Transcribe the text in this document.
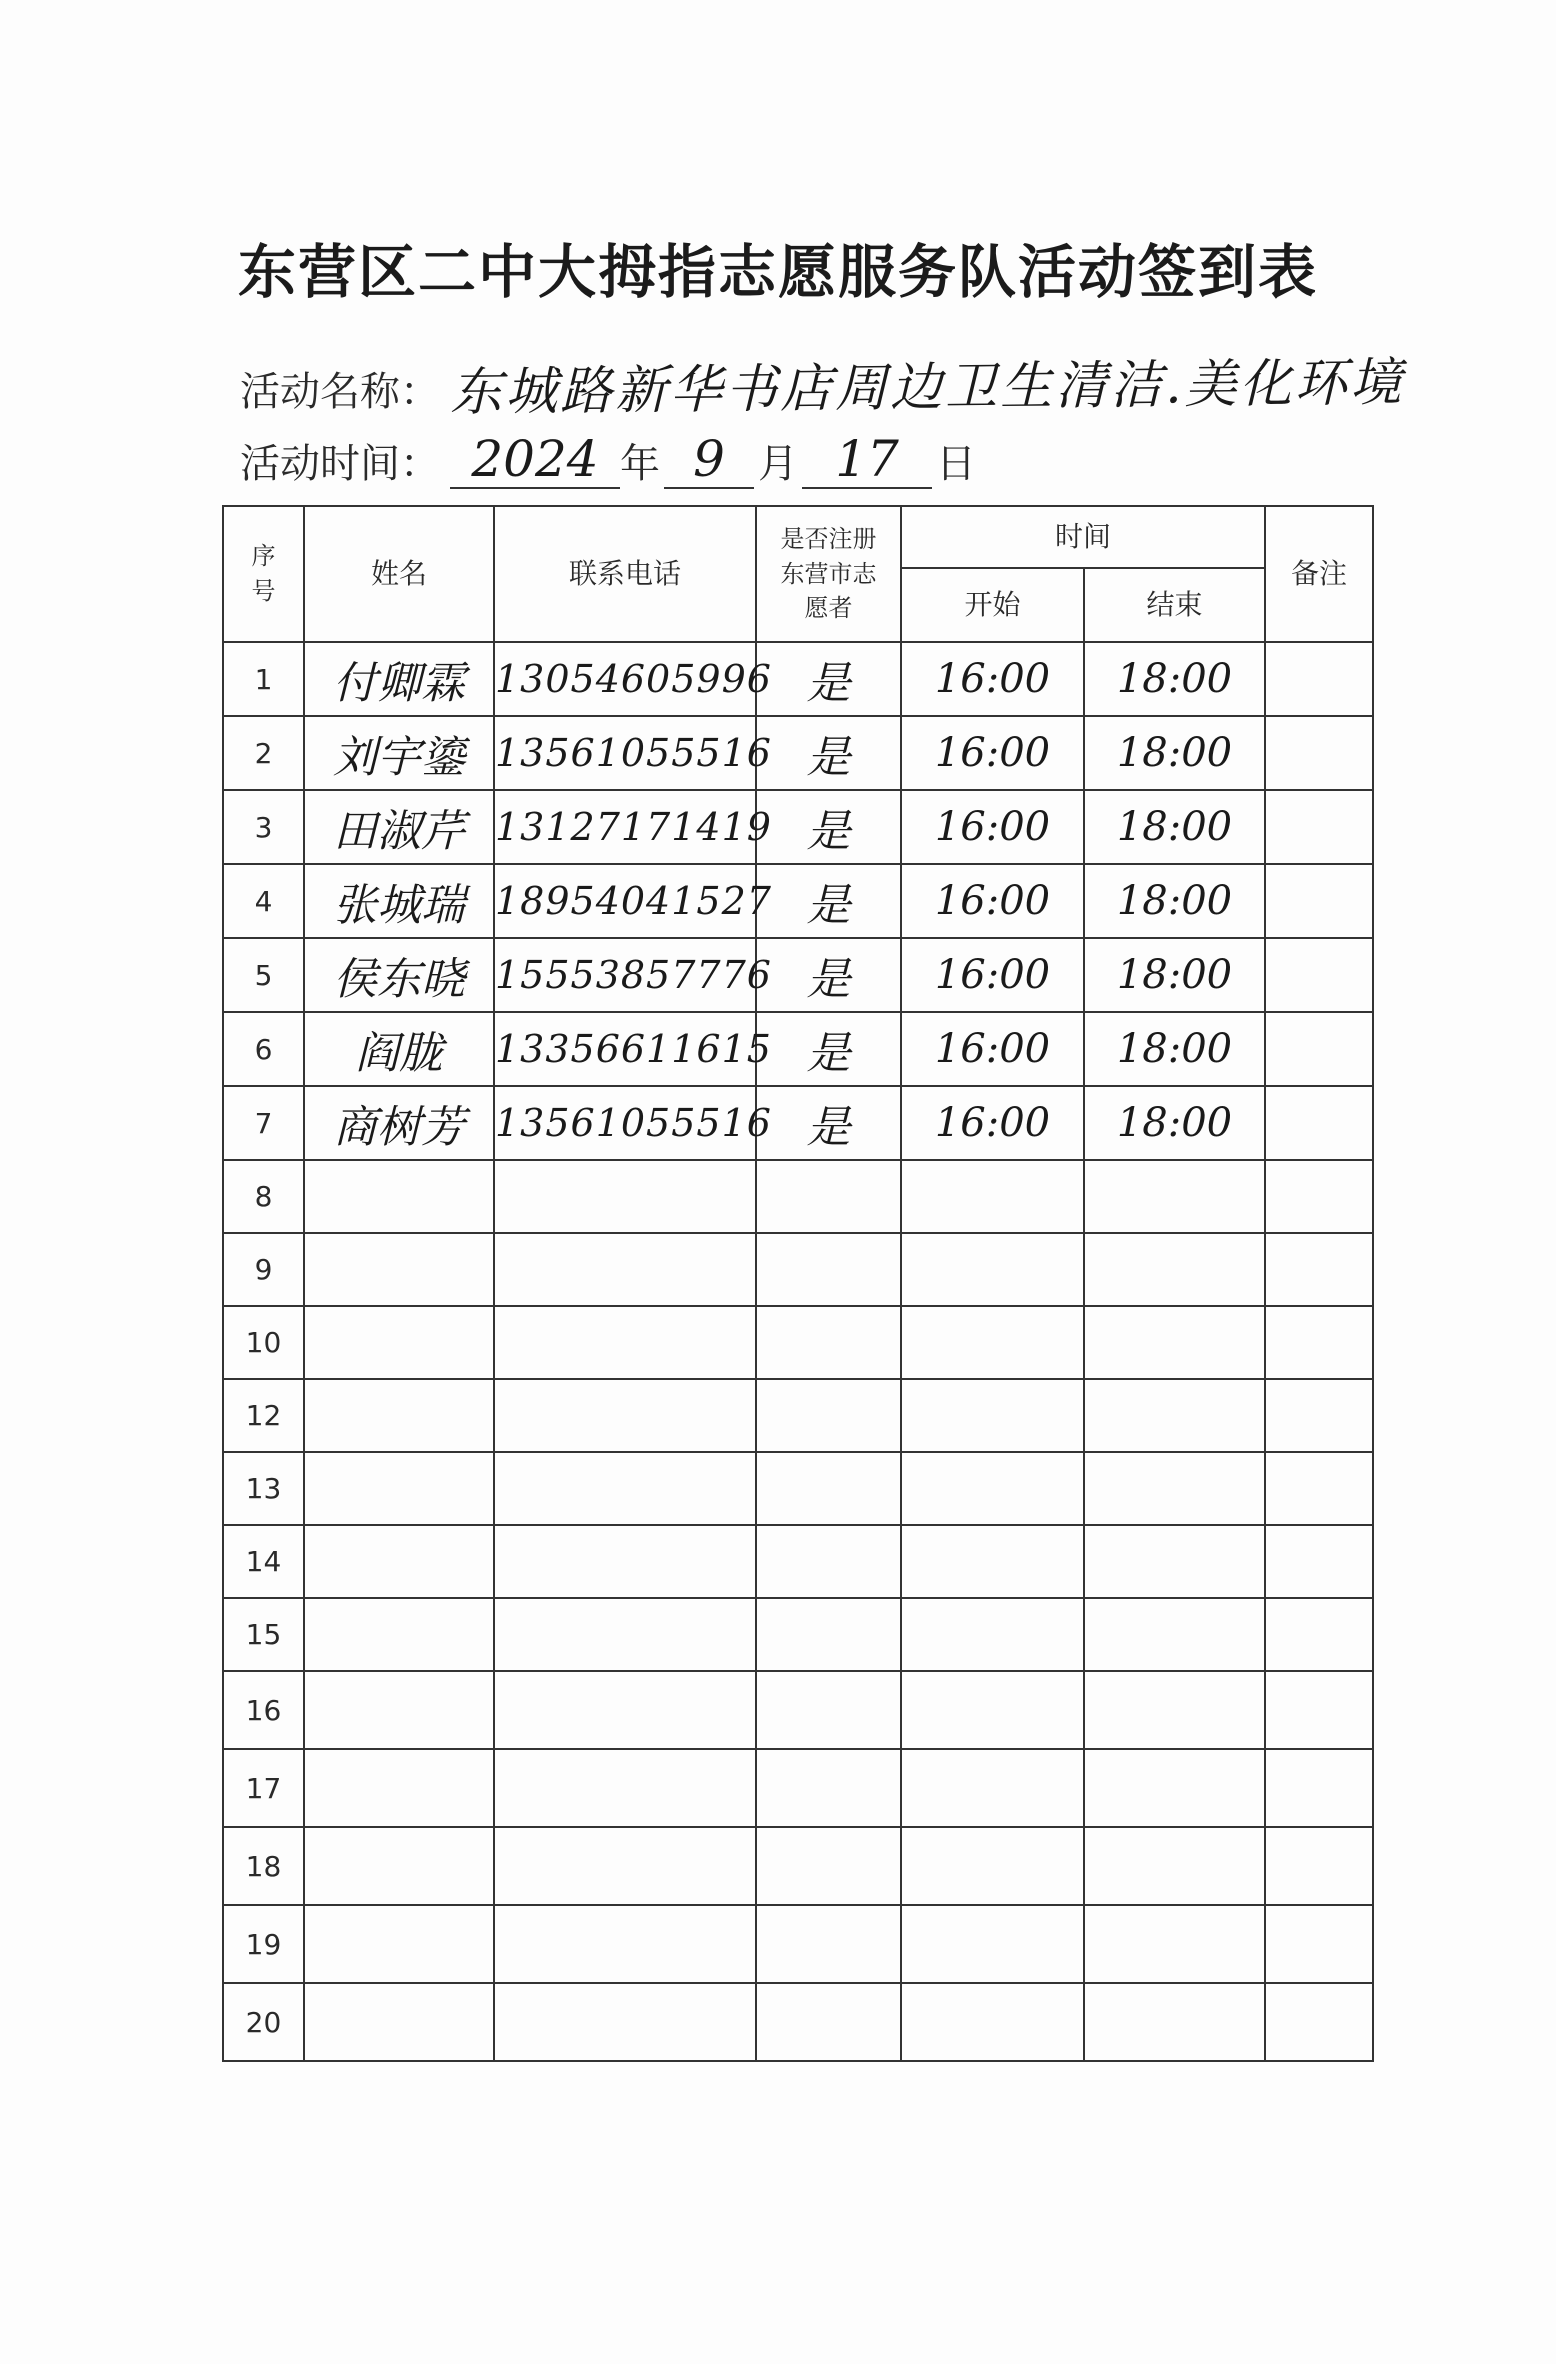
东营区二中大拇指志愿服务队活动签到表
活动名称： 东城路新华书店周边卫生清洁.美化环境
活动时间： 2024 年 9 月 17 日
序号	姓名	联系电话	是否注册东营市志愿者	时间		备注
				开始	结束	
1	付卿霖	13054605996	是	16:00	18:00	
2	刘宇鎏	13561055516	是	16:00	18:00	
3	田淑芹	13127171419	是	16:00	18:00	
4	张城瑞	18954041527	是	16:00	18:00	
5	侯东晓	15553857776	是	16:00	18:00	
6	阎胧	13356611615	是	16:00	18:00	
7	商树芳	13561055516	是	16:00	18:00	
8						
9						
10						
12						
13						
14						
15						
16						
17						
18						
19						
20						
